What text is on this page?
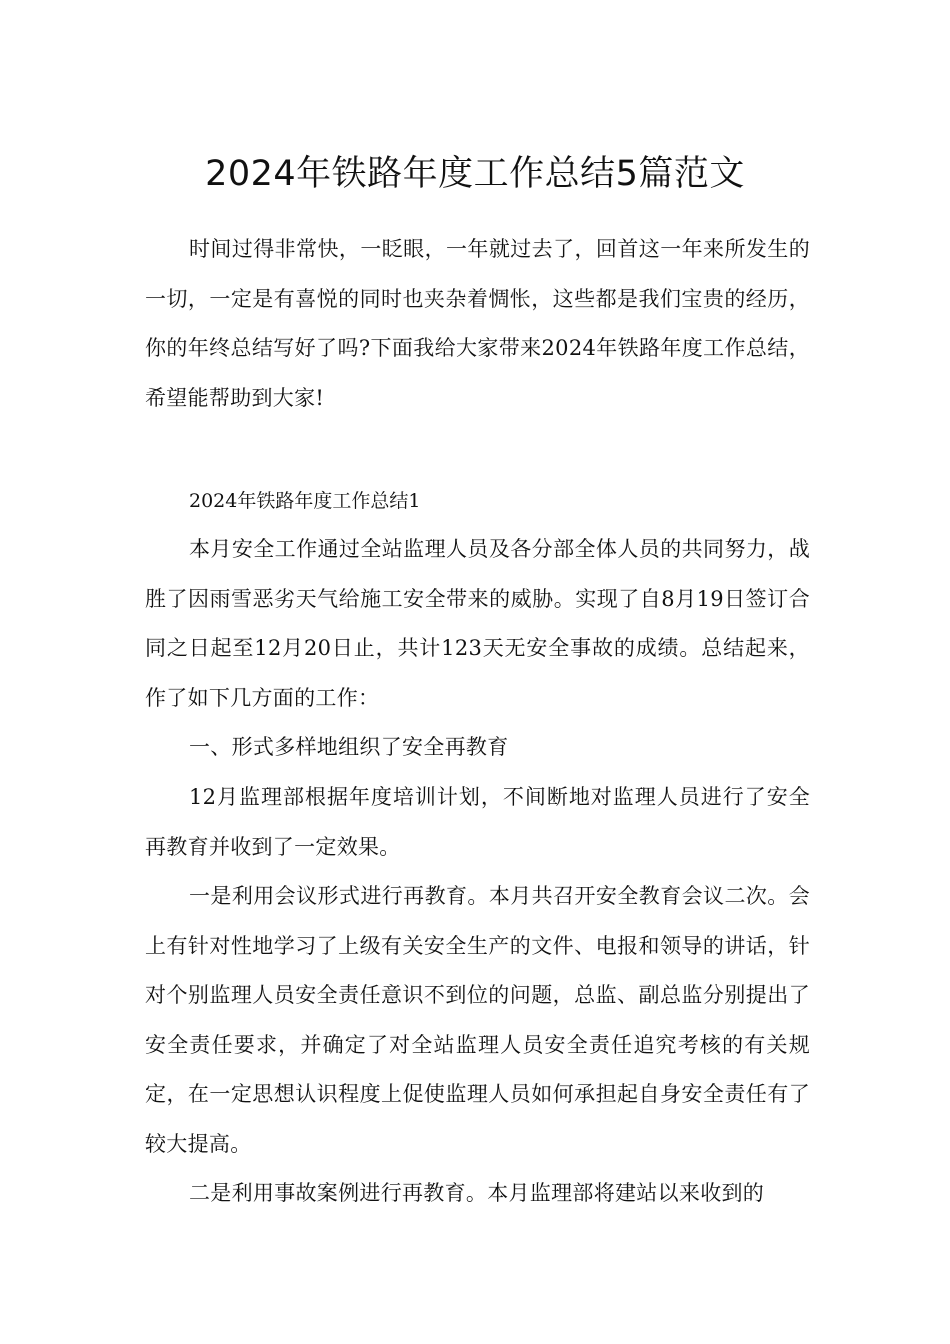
2024年铁路年度工作总结5篇范文

时间过得非常快，一眨眼，一年就过去了，回首这一年来所发生的一切，一定是有喜悦的同时也夹杂着惆怅，这些都是我们宝贵的经历，你的年终总结写好了吗?下面我给大家带来2024年铁路年度工作总结，希望能帮助到大家!

2024年铁路年度工作总结1

本月安全工作通过全站监理人员及各分部全体人员的共同努力，战胜了因雨雪恶劣天气给施工安全带来的威胁。实现了自8月19日签订合同之日起至12月20日止，共计123天无安全事故的成绩。总结起来，作了如下几方面的工作：

一、形式多样地组织了安全再教育

12月监理部根据年度培训计划，不间断地对监理人员进行了安全再教育并收到了一定效果。

一是利用会议形式进行再教育。本月共召开安全教育会议二次。会上有针对性地学习了上级有关安全生产的文件、电报和领导的讲话，针对个别监理人员安全责任意识不到位的问题，总监、副总监分别提出了安全责任要求，并确定了对全站监理人员安全责任追究考核的有关规定，在一定思想认识程度上促使监理人员如何承担起自身安全责任有了较大提高。

二是利用事故案例进行再教育。本月监理部将建站以来收到的
